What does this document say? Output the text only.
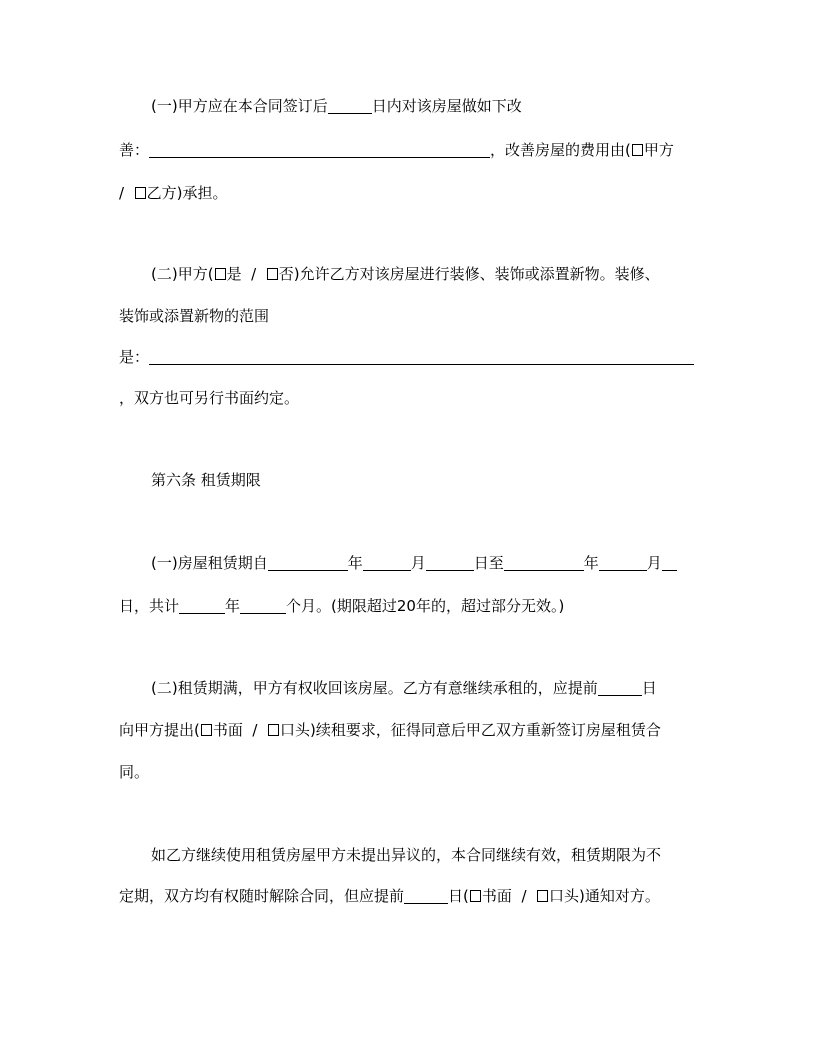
(一)甲方应在本合同签订后	日内对该房屋做如下改
善：	，改善房屋的费用由( 甲方
/ 乙方)承担。
(二)甲方( 是 / 否)允许乙方对该房屋进行装修、装饰或添置新物。装修、
装饰或添置新物的范围
是：
，双方也可另行书面约定。
第六条 租赁期限
(一)房屋租赁期自	年	月	日至	年	月
日，共计	年	个月。(期限超过20年的，超过部分无效。)
(二)租赁期满，甲方有权收回该房屋。乙方有意继续承租的，应提前	日
向甲方提出( 书面 / 口头)续租要求，征得同意后甲乙双方重新签订房屋租赁合
同。
如乙方继续使用租赁房屋甲方未提出异议的，本合同继续有效，租赁期限为不
定期，双方均有权随时解除合同，但应提前	日( 书面 / 口头)通知对方。
